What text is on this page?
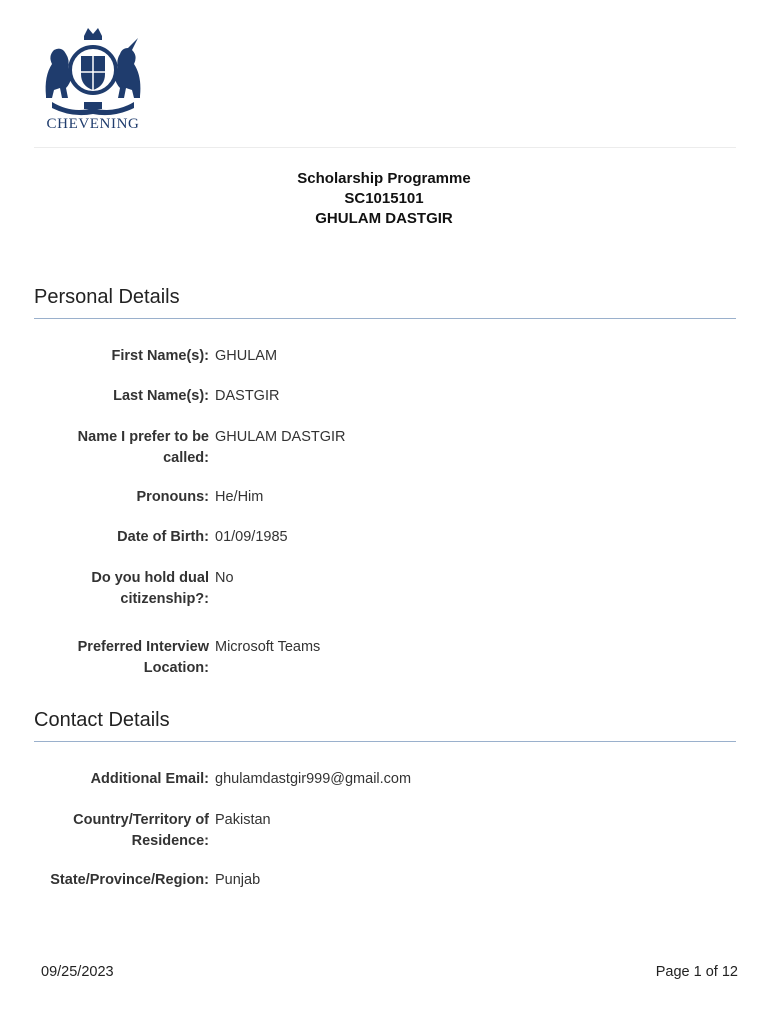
CHEVENING
Scholarship Programme
SC1015101
GHULAM DASTGIR
Personal Details
First Name(s): GHULAM
Last Name(s): DASTGIR
Name I prefer to be called:
GHULAM DASTGIR
Pronouns: He/Him
Date of Birth: 01/09/1985
Do you hold dual citizenship?:
No
Preferred Interview Location:
Microsoft Teams
Contact Details
Additional Email: ghulamdastgir999@gmail.com
Country/Territory of Residence:
Pakistan
State/Province/Region: Punjab
09/25/2023	Page 1 of 12
